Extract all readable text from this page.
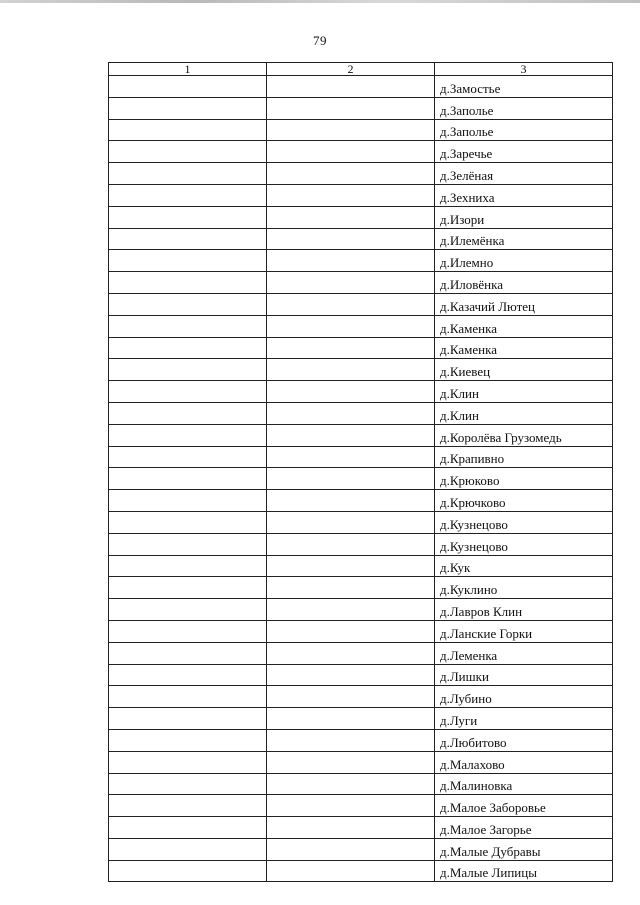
79
1	2	3
		д.Замостье
		д.Заполье
		д.Заполье
		д.Заречье
		д.Зелёная
		д.Зехниха
		д.Изори
		д.Илемёнка
		д.Илемно
		д.Иловёнка
		д.Казачий Лютец
		д.Каменка
		д.Каменка
		д.Киевец
		д.Клин
		д.Клин
		д.Королёва Грузомедь
		д.Крапивно
		д.Крюково
		д.Крючково
		д.Кузнецово
		д.Кузнецово
		д.Кук
		д.Куклино
		д.Лавров Клин
		д.Ланские Горки
		д.Леменка
		д.Лишки
		д.Лубино
		д.Луги
		д.Любитово
		д.Малахово
		д.Малиновка
		д.Малое Заборовье
		д.Малое Загорье
		д.Малые Дубравы
		д.Малые Липицы
